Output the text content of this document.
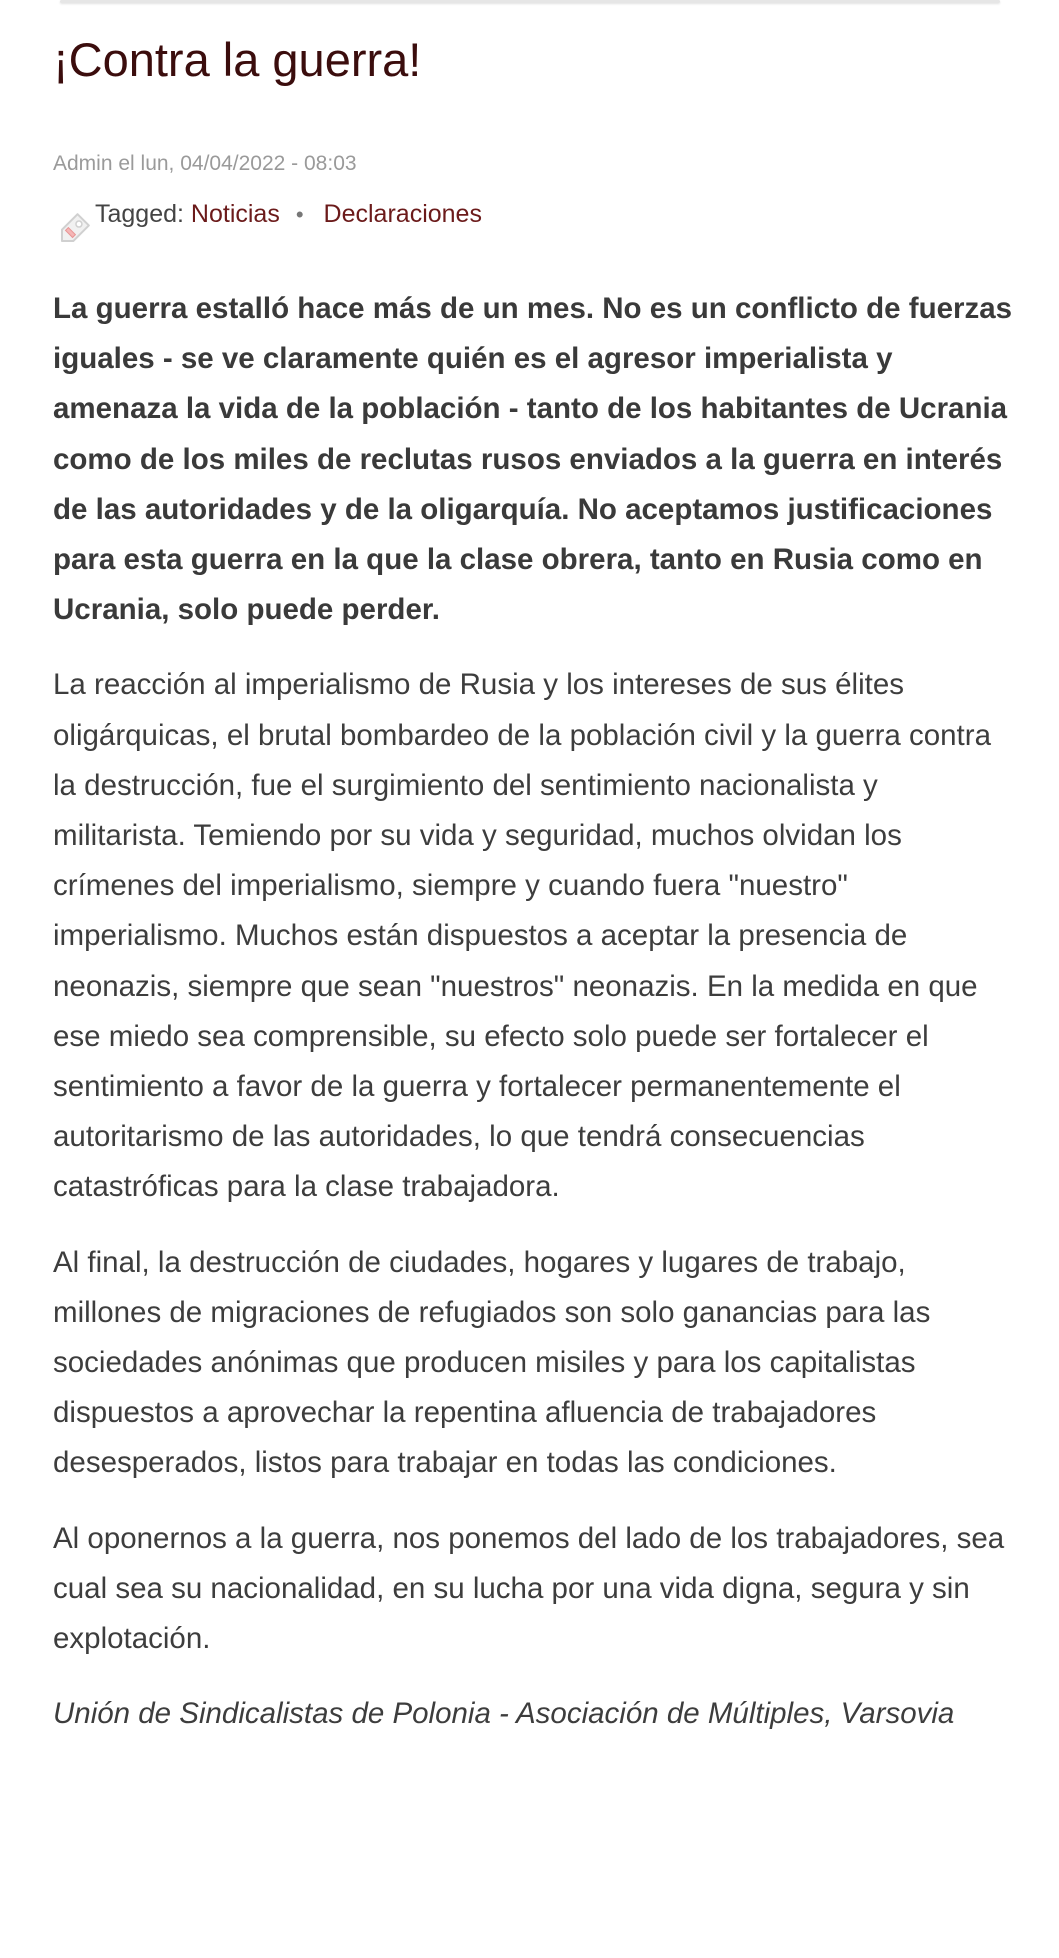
¡Contra la guerra!
Admin el lun, 04/04/2022 - 08:03
Tagged: Noticias • Declaraciones

La guerra estalló hace más de un mes. No es un conflicto de fuerzas iguales - se ve claramente quién es el agresor imperialista y amenaza la vida de la población - tanto de los habitantes de Ucrania como de los miles de reclutas rusos enviados a la guerra en interés de las autoridades y de la oligarquía. No aceptamos justificaciones para esta guerra en la que la clase obrera, tanto en Rusia como en Ucrania, solo puede perder.

La reacción al imperialismo de Rusia y los intereses de sus élites oligárquicas, el brutal bombardeo de la población civil y la guerra contra la destrucción, fue el surgimiento del sentimiento nacionalista y militarista. Temiendo por su vida y seguridad, muchos olvidan los crímenes del imperialismo, siempre y cuando fuera "nuestro" imperialismo. Muchos están dispuestos a aceptar la presencia de neonazis, siempre que sean "nuestros" neonazis. En la medida en que ese miedo sea comprensible, su efecto solo puede ser fortalecer el sentimiento a favor de la guerra y fortalecer permanentemente el autoritarismo de las autoridades, lo que tendrá consecuencias catastróficas para la clase trabajadora.

Al final, la destrucción de ciudades, hogares y lugares de trabajo, millones de migraciones de refugiados son solo ganancias para las sociedades anónimas que producen misiles y para los capitalistas dispuestos a aprovechar la repentina afluencia de trabajadores desesperados, listos para trabajar en todas las condiciones.

Al oponernos a la guerra, nos ponemos del lado de los trabajadores, sea cual sea su nacionalidad, en su lucha por una vida digna, segura y sin explotación.

Unión de Sindicalistas de Polonia - Asociación de Múltiples, Varsovia
